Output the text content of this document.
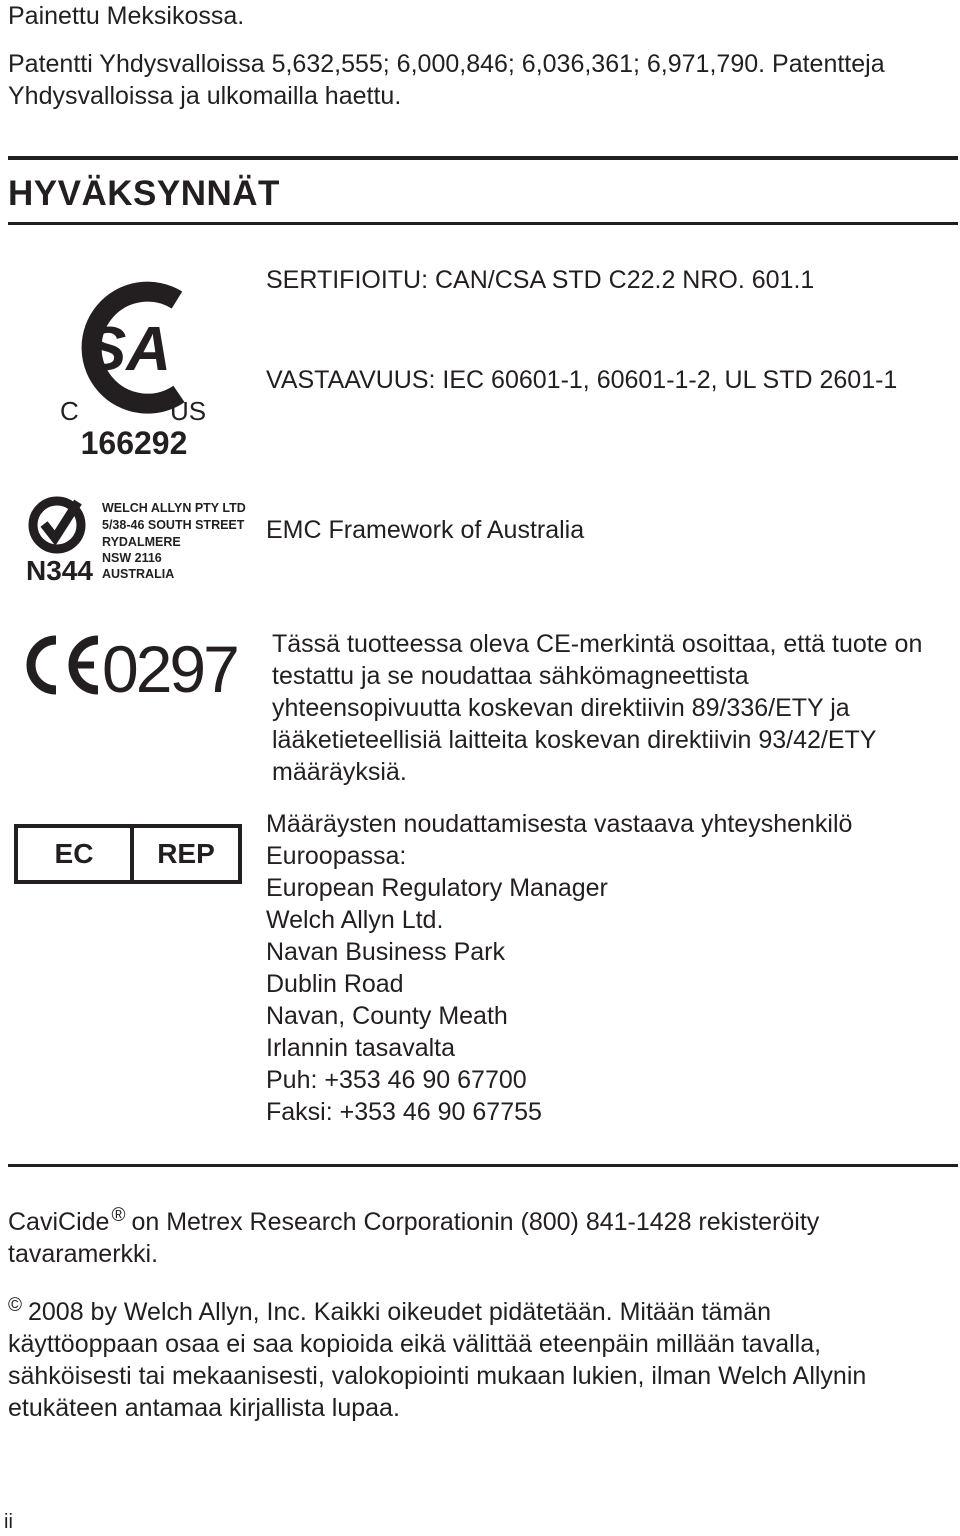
Painettu Meksikossa.

Patentti Yhdysvalloissa 5,632,555; 6,000,846; 6,036,361; 6,971,790. Patentteja

Yhdysvalloissa ja ulkomailla haettu.

HYVÄKSYNNÄT
SA
C	US
166292

SERTIFIOITU: CAN/CSA STD C22.2 NRO. 601.1

VASTAAVUUS: IEC 60601-1, 60601-1-2, UL STD 2601-1

N344
WELCH ALLYN PTY LTD
5/38-46 SOUTH STREET
RYDALMERE
NSW 2116
AUSTRALIA

EMC Framework of Australia

0297 Tässä tuotteessa oleva CE-merkintä osoittaa, että tuote on
testattu ja se noudattaa sähkömagneettista
yhteensopivuutta koskevan direktiivin 89/336/ETY ja
lääketieteellisiä laitteita koskevan direktiivin 93/42/ETY
määräyksiä.
EC	REP
Määräysten noudattamisesta vastaava yhteyshenkilö
Euroopassa:
European Regulatory Manager
Welch Allyn Ltd.
Navan Business Park
Dublin Road
Navan, County Meath
Irlannin tasavalta
Puh: +353 46 90 67700
Faksi: +353 46 90 67755
CaviCide ® on Metrex Research Corporationin (800) 841-1428 rekisteröity
tavaramerkki.
© 2008 by Welch Allyn, Inc. Kaikki oikeudet pidätetään. Mitään tämän
käyttöoppaan osaa ei saa kopioida eikä välittää eteenpäin millään tavalla,
sähköisesti tai mekaanisesti, valokopiointi mukaan lukien, ilman Welch Allynin
etukäteen antamaa kirjallista lupaa.

ii
